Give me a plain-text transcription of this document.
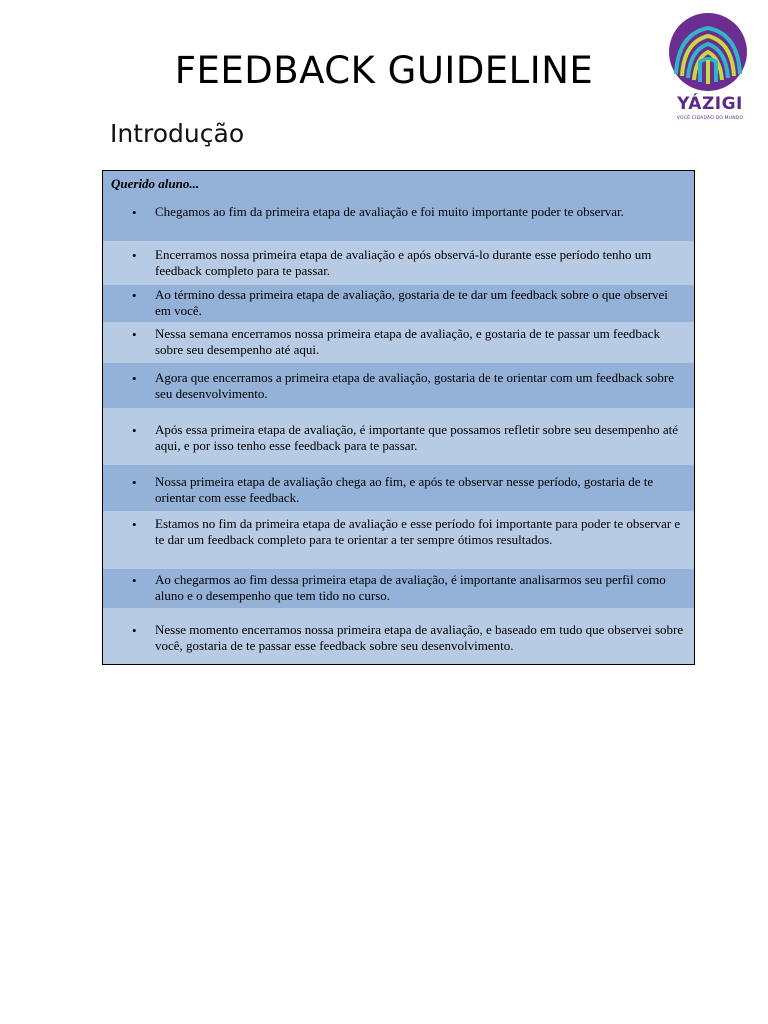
FEEDBACK GUIDELINE
YÁZIGI
VOCÊ CIDADÃO DO MUNDO
Introdução
Querido aluno...
• Chegamos ao fim da primeira etapa de avaliação e foi muito importante poder te observar.
• Encerramos nossa primeira etapa de avaliação e após observá-lo durante esse período tenho um feedback completo para te passar.
• Ao término dessa primeira etapa de avaliação, gostaria de te dar um feedback sobre o que observei em você.
• Nessa semana encerramos nossa primeira etapa de avaliação, e gostaria de te passar um feedback sobre seu desempenho até aqui.
• Agora que encerramos a primeira etapa de avaliação, gostaria de te orientar com um feedback sobre seu desenvolvimento.
• Após essa primeira etapa de avaliação, é importante que possamos refletir sobre seu desempenho até aqui, e por isso tenho esse feedback para te passar.
• Nossa primeira etapa de avaliação chega ao fim, e após te observar nesse período, gostaria de te orientar com esse feedback.
• Estamos no fim da primeira etapa de avaliação e esse período foi importante para poder te observar e te dar um feedback completo para te orientar a ter sempre ótimos resultados.
• Ao chegarmos ao fim dessa primeira etapa de avaliação, é importante analisarmos seu perfil como aluno e o desempenho que tem tido no curso.
• Nesse momento encerramos nossa primeira etapa de avaliação, e baseado em tudo que observei sobre você, gostaria de te passar esse feedback sobre seu desenvolvimento.
